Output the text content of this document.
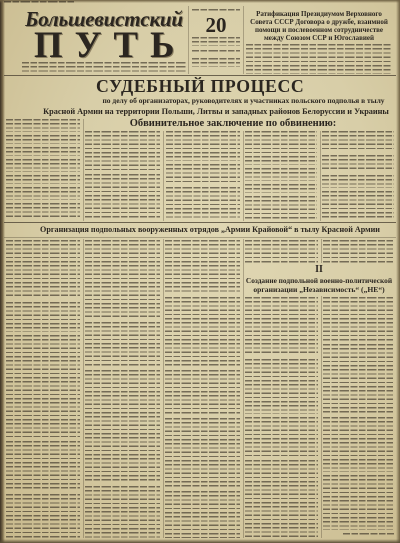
Большевистский
ПУТЬ 20	Ратификация Президиумом Верховного
Совета СССР Договора о дружбе, взаимной
помощи и послевоенном сотрудничестве
между Союзом ССР и Югославией
СУДЕБНЫЙ ПРОЦЕСС
по делу об организаторах, руководителях и участниках польского подполья в тылу
Красной Армии на территории Польши, Литвы и западных районов Белоруссии и Украины
Обвинительное заключение по обвинению:
Организация подпольных вооруженных отрядов „Армии Крайовой“ в тылу Красной Армии
II
Создание подпольной военно-политической
организации „Независимость“ („НЕ“)
